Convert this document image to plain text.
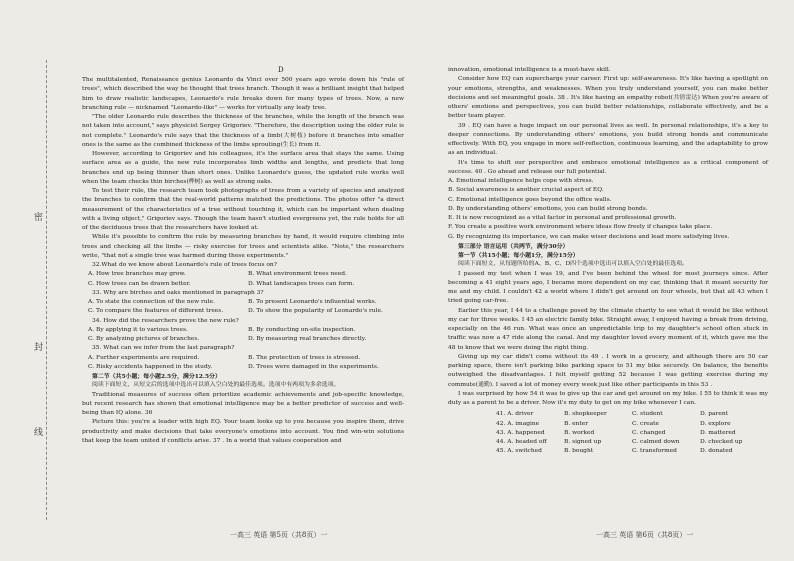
密
封
线
D

The multitalented, Renaissance genius Leonardo da Vinci over 500 years ago wrote down his "rule of trees", which described the way he thought that trees branch. Though it was a brilliant insight that helped him to draw realistic landscapes, Leonardo's rule breaks down for many types of trees. Now, a new branching rule — nicknamed "Leonardo-like" — works for virtually any leafy tree.

"The older Leonardo rule describes the thickness of the branches, while the length of the branch was not taken into account," says physicist Sergey Grigoriev. "Therefore, the description using the older rule is not complete." Leonardo's rule says that the thickness of a limb(大树枝) before it branches into smaller ones is the same as the combined thickness of the limbs sprouting(生长) from it.

However, according to Grigoriev and his colleagues, it's the surface area that stays the same. Using surface area as a guide, the new rule incorporates limb widths and lengths, and predicts that long branches end up being thinner than short ones. Unlike Leonardo's guess, the updated rule works well when the team checks thin birches(桦树) as well as strong oaks.

To test their rule, the research team took photographs of trees from a variety of species and analyzed the branches to confirm that the real-world patterns matched the predictions. The photos offer "a direct measurement of the characteristics of a tree without touching it, which can be important when dealing with a living object," Grigoriev says. Though the team hasn't studied evergreens yet, the rule holds for all of the deciduous trees that the researchers have looked at.

While it's possible to confirm the rule by measuring branches by hand, it would require climbing into trees and checking all the limbs — risky exercise for trees and scientists alike. "Note," the researchers write, "that not a single tree was harmed during these experiments."

32.What do we know about Leonardo's rule of trees focus on?

A. How tree branches may grow.	B. What environment trees need.
C. How trees can be drawn better.	D. What landscapes trees can form.

33. Why are birches and oaks mentioned in paragraph 3?

A. To state the connection of the new rule.	B. To present Leonardo's influential works.
C. To compare the features of different trees.	D. To show the popularity of Leonardo's rule.

34. How did the researchers prove the new rule?

A. By applying it to various trees.	B. By conducting on-site inspection.
C. By analyzing pictures of branches.	D. By measuring real branches directly.

35. What can we infer from the last paragraph?

A. Further experiments are required.	B. The protection of trees is stressed.
C. Risky accidents happened in the study.	D. Trees were damaged in the experiments.

第二节（共5小题；每小题2.5分，满分12.5分）

阅读下面短文，从短文后的选项中选出可以填入空白处的最佳选项。选项中有两项为多余选项。

Traditional measures of success often prioritize academic achievements and job-specific knowledge, but recent research has shown that emotional intelligence may be a better predictor of success and well-being than IQ alone. 36

Picture this: you're a leader with high EQ. Your team looks up to you because you inspire them, drive productivity and make decisions that take everyone's emotions into account. You find win-win solutions that keep the team united if conflicts arise. 37 . In a world that values cooperation and

innovation, emotional intelligence is a must-have skill.

Consider how EQ can supercharge your career. First up: self-awareness. It's like having a spotlight on your emotions, strengths, and weaknesses. When you truly understand yourself, you can make better decisions and set meaningful goals. 38 . It's like having an empathy robot(共情雷达) When you're aware of others' emotions and perspectives, you can build better relationships, collaborate effectively, and be a better team player.

39 . EQ can have a huge impact on our personal lives as well. In personal relationships, it's a key to deeper connections. By understanding others' emotions, you build strong bonds and communicate effectively. With EQ, you engage in more self-reflection, continuous learning, and the adaptability to grow as an individual.

It's time to shift our perspective and embrace emotional intelligence as a critical component of success. 40 . Go ahead and release our full potential.

A. Emotional intelligence helps cope with stress.

B. Social awareness is another crucial aspect of EQ.

C. Emotional intelligence goes beyond the office walls.

D. By understanding others' emotions, you can build strong bonds.

E. It is now recognized as a vital factor in personal and professional growth.

F. You create a positive work environment where ideas flow freely if changes take place.

G. By recognizing its importance, we can make wiser decisions and lead more satisfying lives.

第三部分 语言运用（共两节，满分30分）

第一节（共15小题；每小题1分，满分15分）

阅读下面短文，从每题所给的A、B、C、D四个选项中选出可以填入空白处的最佳选项。

I passed my test when I was 19, and I've been behind the wheel for most journeys since. After becoming a 41 eight years ago, I became more dependent on my car, thinking that it meant security for me and my child. I couldn't 42 a world where I didn't get around on four wheels, but that all 43 when I tried going car-free.

Earlier this year, I 44 to a challenge posed by the climate charity to see what it would be like without my car for three weeks. I 45 an electric family bike. Straight away, I enjoyed having a break from driving, especially on the 46 run. What was once an unpredictable trip to my daughter's school often stuck in traffic was now a 47 ride along the canal. And my daughter loved every moment of it, which gave me the 48 to know that we were doing the right thing.

Giving up my car didn't come without its 49 . I work in a grocery, and although there are 50 car parking space, there isn't parking bike parking space to 51 my bike securely. On balance, the benefits outweighed the disadvantages. I felt myself getting 52 because I was getting exercise during my commute(通勤). I saved a lot of money every week just like other participants in this 53 .

I was surprised by how 54 it was to give up the car and get around on my bike. I 55 to think it was my duty as a parent to be a driver. Now it's my duty to get on my bike whenever I can.

41. A. driver	B. shopkeeper	C. student	D. parent
42. A. imagine	B. enter	C. create	D. explore
43. A. happened	B. worked	C. changed	D. mattered
44. A. headed off	B. signed up	C. calmed down	D. checked up
45. A. switched	B. bought	C. transformed	D. donated
一高三 英语 第5页（共8页）一	一高三 英语 第6页（共8页）一
